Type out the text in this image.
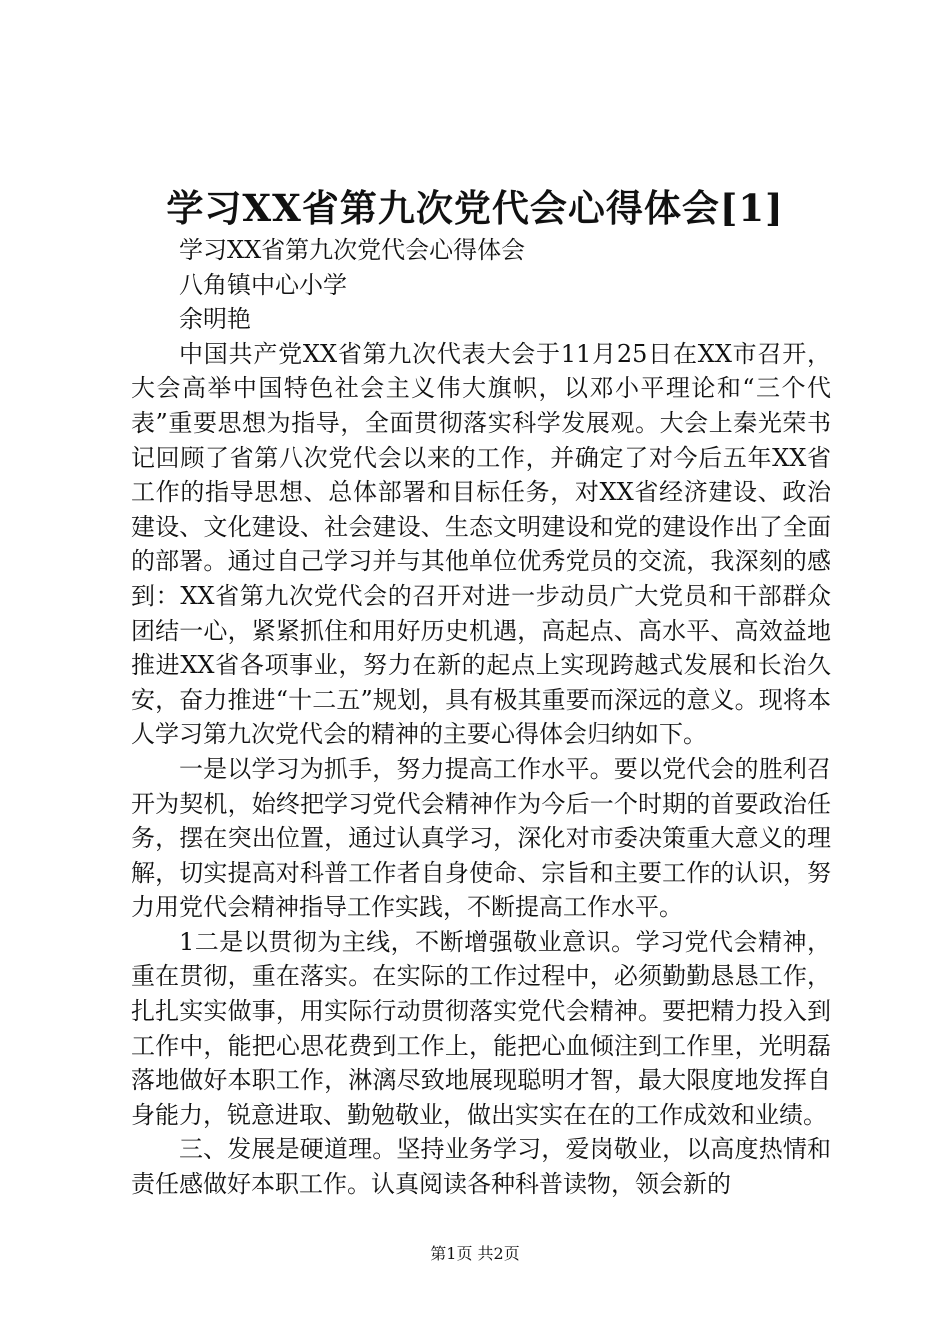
学习XX省第九次党代会心得体会[1]

学习XX省第九次党代会心得体会

八角镇中心小学

余明艳

中国共产党XX省第九次代表大会于11月25日在XX市召开，大会高举中国特色社会主义伟大旗帜，以邓小平理论和“三个代表”重要思想为指导，全面贯彻落实科学发展观。大会上秦光荣书记回顾了省第八次党代会以来的工作，并确定了对今后五年XX省工作的指导思想、总体部署和目标任务，对XX省经济建设、政治建设、文化建设、社会建设、生态文明建设和党的建设作出了全面的部署。通过自己学习并与其他单位优秀党员的交流，我深刻的感到：XX省第九次党代会的召开对进一步动员广大党员和干部群众团结一心，紧紧抓住和用好历史机遇，高起点、高水平、高效益地推进XX省各项事业，努力在新的起点上实现跨越式发展和长治久安，奋力推进“十二五”规划，具有极其重要而深远的意义。现将本人学习第九次党代会的精神的主要心得体会归纳如下。

一是以学习为抓手，努力提高工作水平。要以党代会的胜利召开为契机，始终把学习党代会精神作为今后一个时期的首要政治任务，摆在突出位置，通过认真学习，深化对市委决策重大意义的理解，切实提高对科普工作者自身使命、宗旨和主要工作的认识，努力用党代会精神指导工作实践，不断提高工作水平。

1二是以贯彻为主线，不断增强敬业意识。学习党代会精神，重在贯彻，重在落实。在实际的工作过程中，必须勤勤恳恳工作，扎扎实实做事，用实际行动贯彻落实党代会精神。要把精力投入到工作中，能把心思花费到工作上，能把心血倾注到工作里，光明磊落地做好本职工作，淋漓尽致地展现聪明才智，最大限度地发挥自身能力，锐意进取、勤勉敬业，做出实实在在的工作成效和业绩。

三、发展是硬道理。坚持业务学习，爱岗敬业，以高度热情和责任感做好本职工作。认真阅读各种科普读物，领会新的

第1页 共2页
